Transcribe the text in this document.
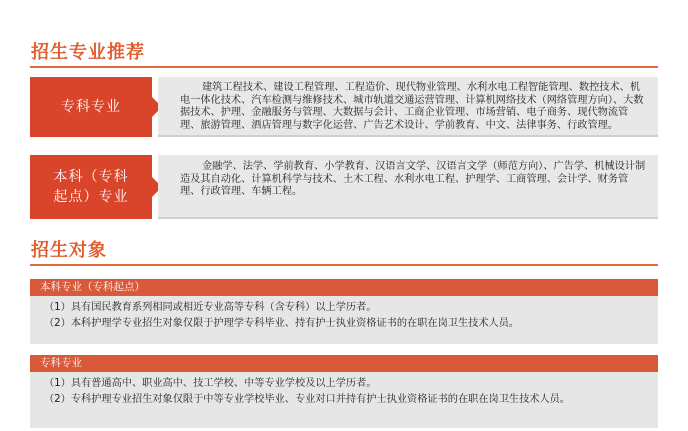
招生专业推荐
专科专业
建筑工程技术、建设工程管理、工程造价、现代物业管理、水利水电工程智能管理、数控技术、机电一体化技术、汽车检测与维修技术、城市轨道交通运营管理、计算机网络技术（网络管理方向）、大数据技术、护理、金融服务与管理、大数据与会计、工商企业管理、市场营销、电子商务、现代物流管理、旅游管理、酒店管理与数字化运营、广告艺术设计、学前教育、中文、法律事务、行政管理。
本科（专科
起点）专业
金融学、法学、学前教育、小学教育、汉语言文学、汉语言文学（师范方向）、广告学、机械设计制造及其自动化、计算机科学与技术、土木工程、水利水电工程、护理学、工商管理、会计学、财务管理、行政管理、车辆工程。
招生对象
本科专业（专科起点）
（1）具有国民教育系列相同或相近专业高等专科（含专科）以上学历者。
（2）本科护理学专业招生对象仅限于护理学专科毕业、持有护士执业资格证书的在职在岗卫生技术人员。
专科专业
（1）具有普通高中、职业高中、技工学校、中等专业学校及以上学历者。
（2）专科护理专业招生对象仅限于中等专业学校毕业、专业对口并持有护士执业资格证书的在职在岗卫生技术人员。
